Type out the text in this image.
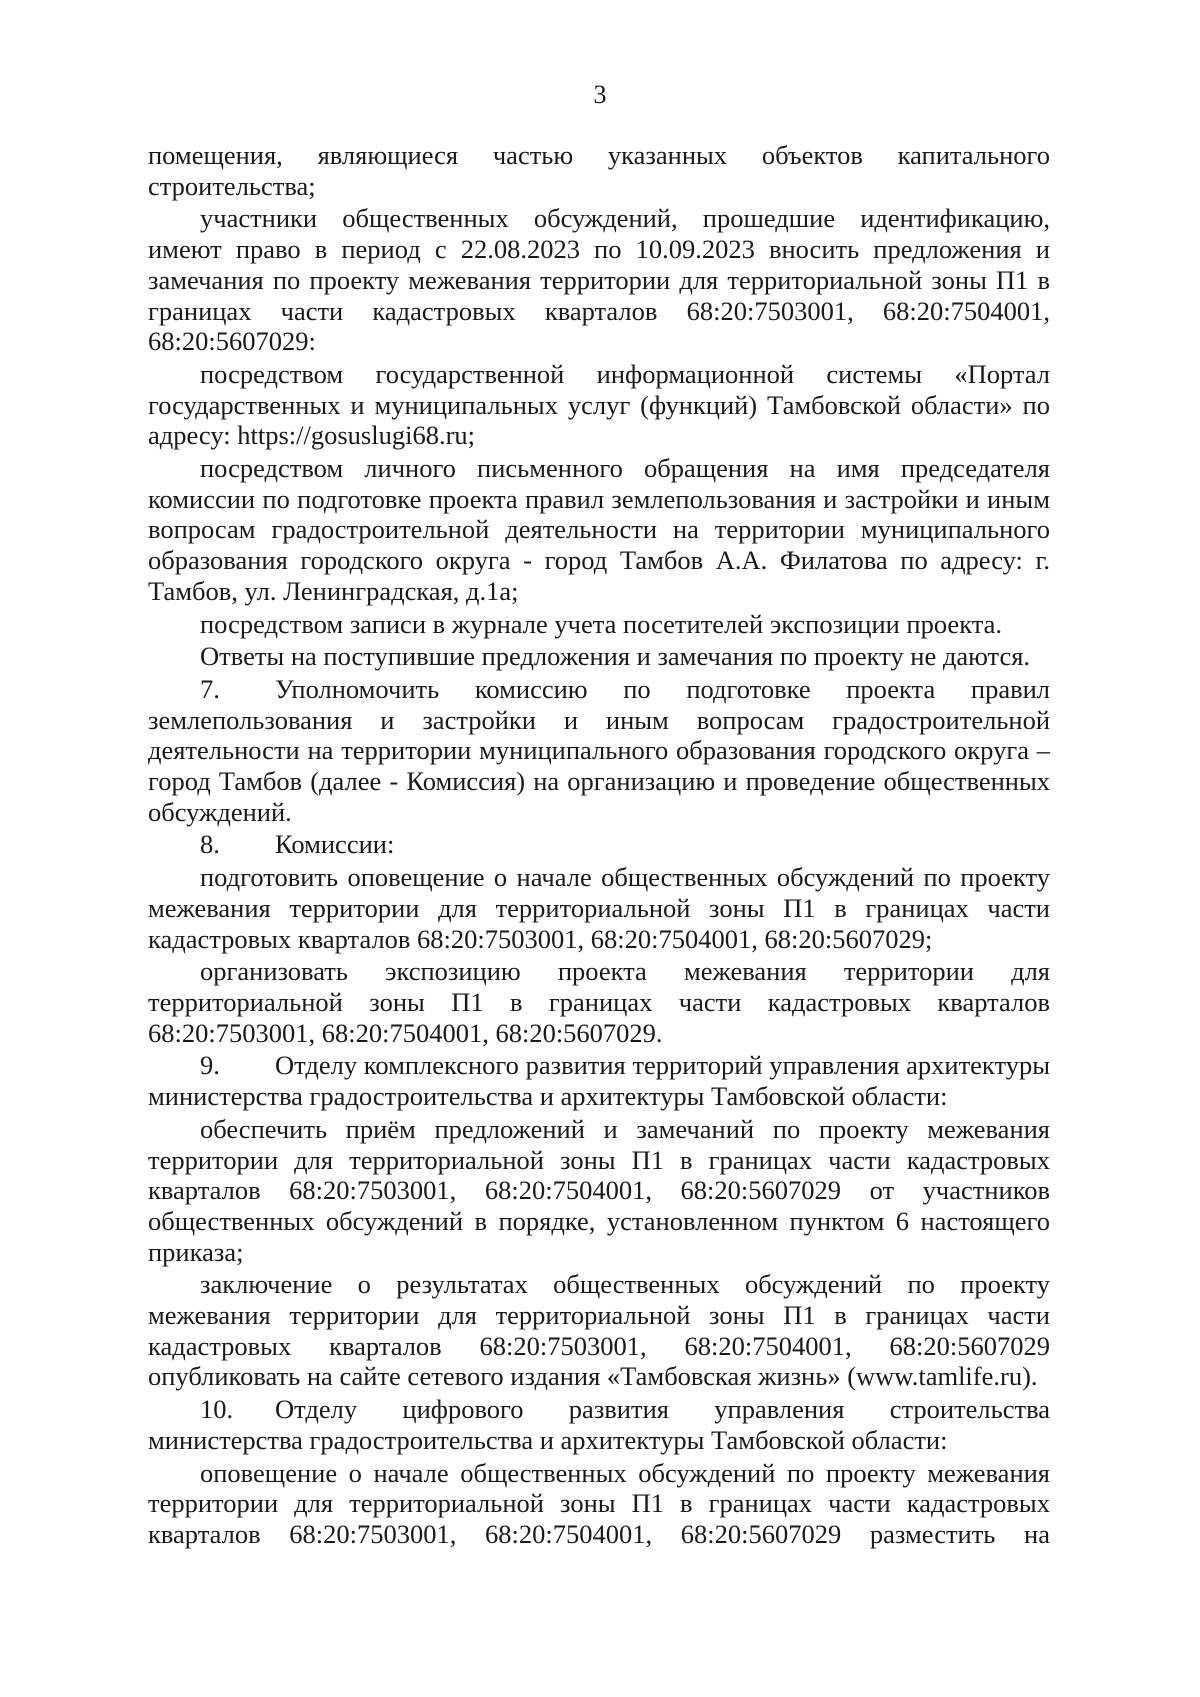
3

помещения, являющиеся частью указанных объектов капитального строительства;

участники общественных обсуждений, прошедшие идентификацию, имеют право в период с 22.08.2023 по 10.09.2023 вносить предложения и замечания по проекту межевания территории для территориальной зоны П1 в границах части кадастровых кварталов 68:20:7503001, 68:20:7504001, 68:20:5607029:

посредством государственной информационной системы «Портал государственных и муниципальных услуг (функций) Тамбовской области» по адресу: https://gosuslugi68.ru;

посредством личного письменного обращения на имя председателя комиссии по подготовке проекта правил землепользования и застройки и иным вопросам градостроительной деятельности на территории муниципального образования городского округа - город Тамбов А.А. Филатова по адресу: г. Тамбов, ул. Ленинградская, д.1а;

посредством записи в журнале учета посетителей экспозиции проекта.

Ответы на поступившие предложения и замечания по проекту не даются.

7. Уполномочить комиссию по подготовке проекта правил землепользования и застройки и иным вопросам градостроительной деятельности на территории муниципального образования городского округа – город Тамбов (далее - Комиссия) на организацию и проведение общественных обсуждений.

8. Комиссии:

подготовить оповещение о начале общественных обсуждений по проекту межевания территории для территориальной зоны П1 в границах части кадастровых кварталов 68:20:7503001, 68:20:7504001, 68:20:5607029;

организовать экспозицию проекта межевания территории для территориальной зоны П1 в границах части кадастровых кварталов 68:20:7503001, 68:20:7504001, 68:20:5607029.

9. Отделу комплексного развития территорий управления архитектуры министерства градостроительства и архитектуры Тамбовской области:

обеспечить приём предложений и замечаний по проекту межевания территории для территориальной зоны П1 в границах части кадастровых кварталов 68:20:7503001, 68:20:7504001, 68:20:5607029 от участников общественных обсуждений в порядке, установленном пунктом 6 настоящего приказа;

заключение о результатах общественных обсуждений по проекту межевания территории для территориальной зоны П1 в границах части кадастровых кварталов 68:20:7503001, 68:20:7504001, 68:20:5607029 опубликовать на сайте сетевого издания «Тамбовская жизнь» (www.tamlife.ru).

10. Отделу цифрового развития управления строительства министерства градостроительства и архитектуры Тамбовской области:

оповещение о начале общественных обсуждений по проекту межевания территории для территориальной зоны П1 в границах части кадастровых кварталов 68:20:7503001, 68:20:7504001, 68:20:5607029 разместить на
